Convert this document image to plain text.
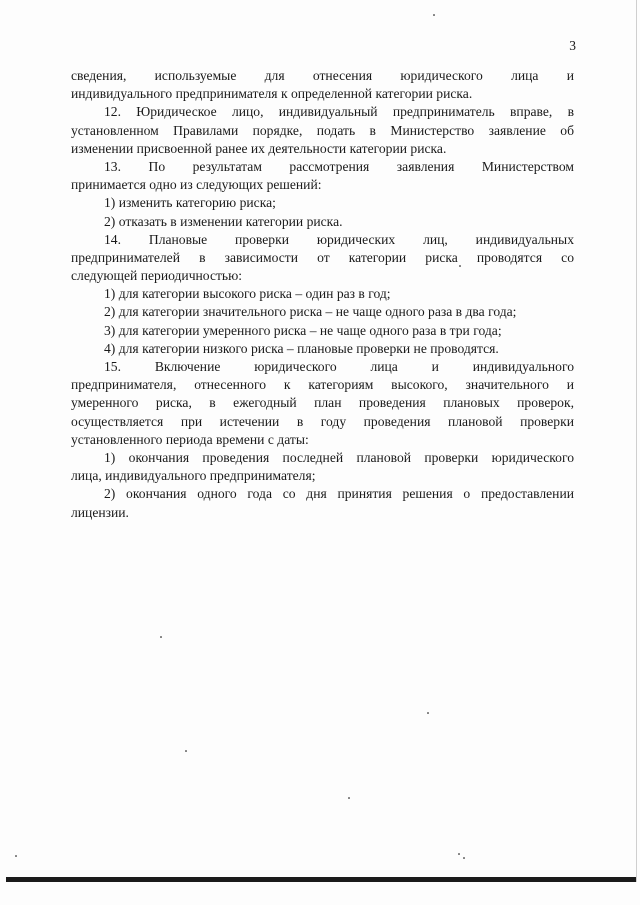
3
сведения, используемые для отнесения юридического лица и
индивидуального предпринимателя к определенной категории риска.
12. Юридическое лицо, индивидуальный предприниматель вправе, в
установленном Правилами порядке, подать в Министерство заявление об
изменении присвоенной ранее их деятельности категории риска.
13. По результатам рассмотрения заявления Министерством
принимается одно из следующих решений:
1) изменить категорию риска;
2) отказать в изменении категории риска.
14. Плановые проверки юридических лиц, индивидуальных
предпринимателей в зависимости от категории риска проводятся со
следующей периодичностью:
1) для категории высокого риска – один раз в год;
2) для категории значительного риска – не чаще одного раза в два года;
3) для категории умеренного риска – не чаще одного раза в три года;
4) для категории низкого риска – плановые проверки не проводятся.
15. Включение юридического лица и индивидуального
предпринимателя, отнесенного к категориям высокого, значительного и
умеренного риска, в ежегодный план проведения плановых проверок,
осуществляется при истечении в году проведения плановой проверки
установленного периода времени с даты:
1) окончания проведения последней плановой проверки юридического
лица, индивидуального предпринимателя;
2) окончания одного года со дня принятия решения о предоставлении
лицензии.
